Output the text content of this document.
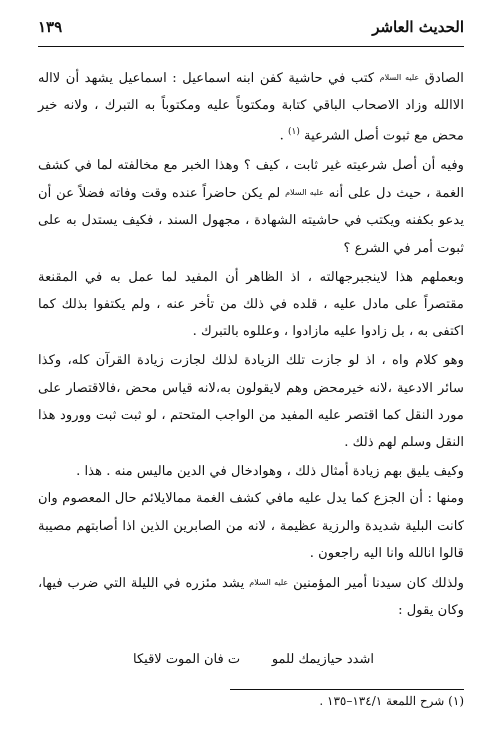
الحديث العاشر
١٣٩

الصادق عليه السلام كتب في حاشية كفن ابنه اسماعيل : اسماعيل يشهد أن لااله الاالله وزاد الاصحاب الباقي كتابة ومكتوباً عليه ومكتوباً به التبرك ، ولانه خير محض مع ثبوت أصل الشرعية $^{(١)}$ .

وفيه أن أصل شرعيته غير ثابت ، كيف ؟ وهذا الخبر مع مخالفته لما في كشف الغمة ، حيث دل على أنه عليه السلام لم يكن حاضراً عنده وقت وفاته فضلاً عن أن يدعو بكفنه ويكتب في حاشيته الشهادة ، مجهول السند ، فكيف يستدل به على ثبوت أمر في الشرع ؟

وبعملهم هذا لاينجبرجهالته ، اذ الظاهر أن المفيد لما عمل به في المقنعة مقتصراً على مادل عليه ، قلده في ذلك من تأخر عنه ، ولم يكتفوا بذلك كما اكتفى به ، بل زادوا عليه مازادوا ، وعللوه بالتبرك .

وهو كلام واه ، اذ لو جازت تلك الزيادة لذلك لجازت زيادة القرآن كله، وكذا سائر الادعية ،لانه خيرمحض وهم لايقولون به،لانه قياس محض ،فالاقتصار على مورد النقل كما اقتصر عليه المفيد من الواجب المتحتم ، لو ثبت ثبت وورود هذا النقل وسلم لهم ذلك .

وكيف يليق بهم زيادة أمثال ذلك ، وهوادخال في الدين ماليس منه . هذا .

ومنها : أن الجزع كما يدل عليه مافي كشف الغمة ممالايلائم حال المعصوم وان كانت البلية شديدة والرزية عظيمة ، لانه من الصابرين الذين اذا أصابتهم مصيبة قالوا انالله وانا اليه راجعون .

ولذلك كان سيدنا أمير المؤمنين عليه السلام يشد مئزره في الليلة التي ضرب فيها، وكان يقول :

اشدد حيازيمك للمو
ت فان الموت لاقيكا
(١) شرح اللمعة ١٣٤/١–١٣٥ .
